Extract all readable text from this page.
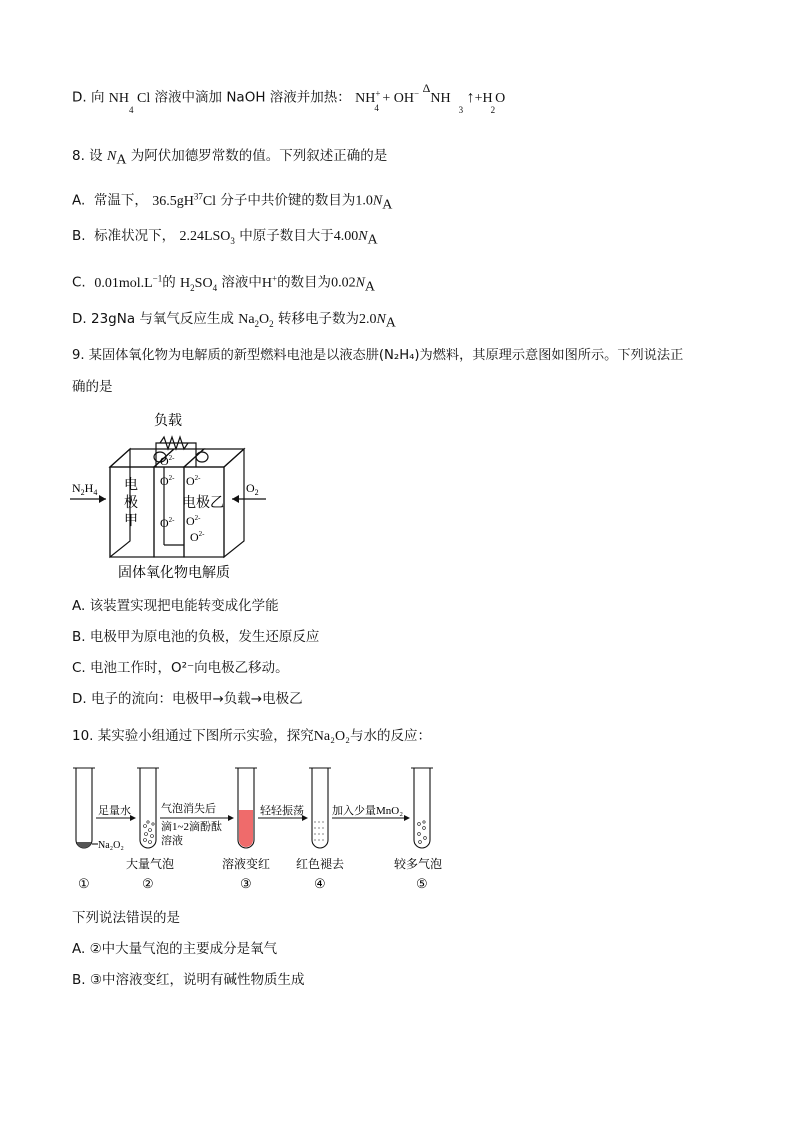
D. 向 $NH_4$ Cl 溶液中滴加 NaOH 溶液并加热： $NH^+_4 + OH^-$ $\Delta NH_3$ $↑+H_2O$
8. 设 $N_A$ 为阿伏加德罗常数的值。下列叙述正确的是
A. 常温下， $36.5gH^{37}Cl$ 分子中共价键的数目为$1.0N_A$
B. 标准状况下， $2.24LSO_3$ 中原子数目大于$4.00N_A$
C. $0.01mol.L^{-1}$的 $H_2SO_4$ 溶液中H+的数目为$0.02N_A$
D. 23gNa 与氧气反应生成 $Na_2O_2$ 转移电子数为$2.0N_A$
9. 某固体氧化物为电解质的新型燃料电池是以液态肼(N₂H₄)为燃料，其原理示意图如图所示。下列说法正
确的是
负载
$N_2H_4$	$O_2$
电
极
甲
电极乙
$O^{2-}$
$O^{2-}$
$O^{2-}$
$O^{2-}$
$O^{2-}$
$O^{2-}$
固体氧化物电解质
A. 该装置实现把电能转变成化学能
B. 电极甲为原电池的负极，发生还原反应
C. 电池工作时，O²⁻向电极乙移动。
D. 电子的流向：电极甲→负载→电极乙
10. 某实验小组通过下图所示实验，探究Na₂O₂与水的反应：
足量水	气泡消失后
滴1~2滴酚酞
溶液
轻轻振荡	加入少量MnO₂
Na₂O₂
大量气泡	溶液变红 红色褪去	较多气泡
①	②	③	④	⑤
下列说法错误的是
A. ②中大量气泡的主要成分是氧气
B. ③中溶液变红，说明有碱性物质生成
